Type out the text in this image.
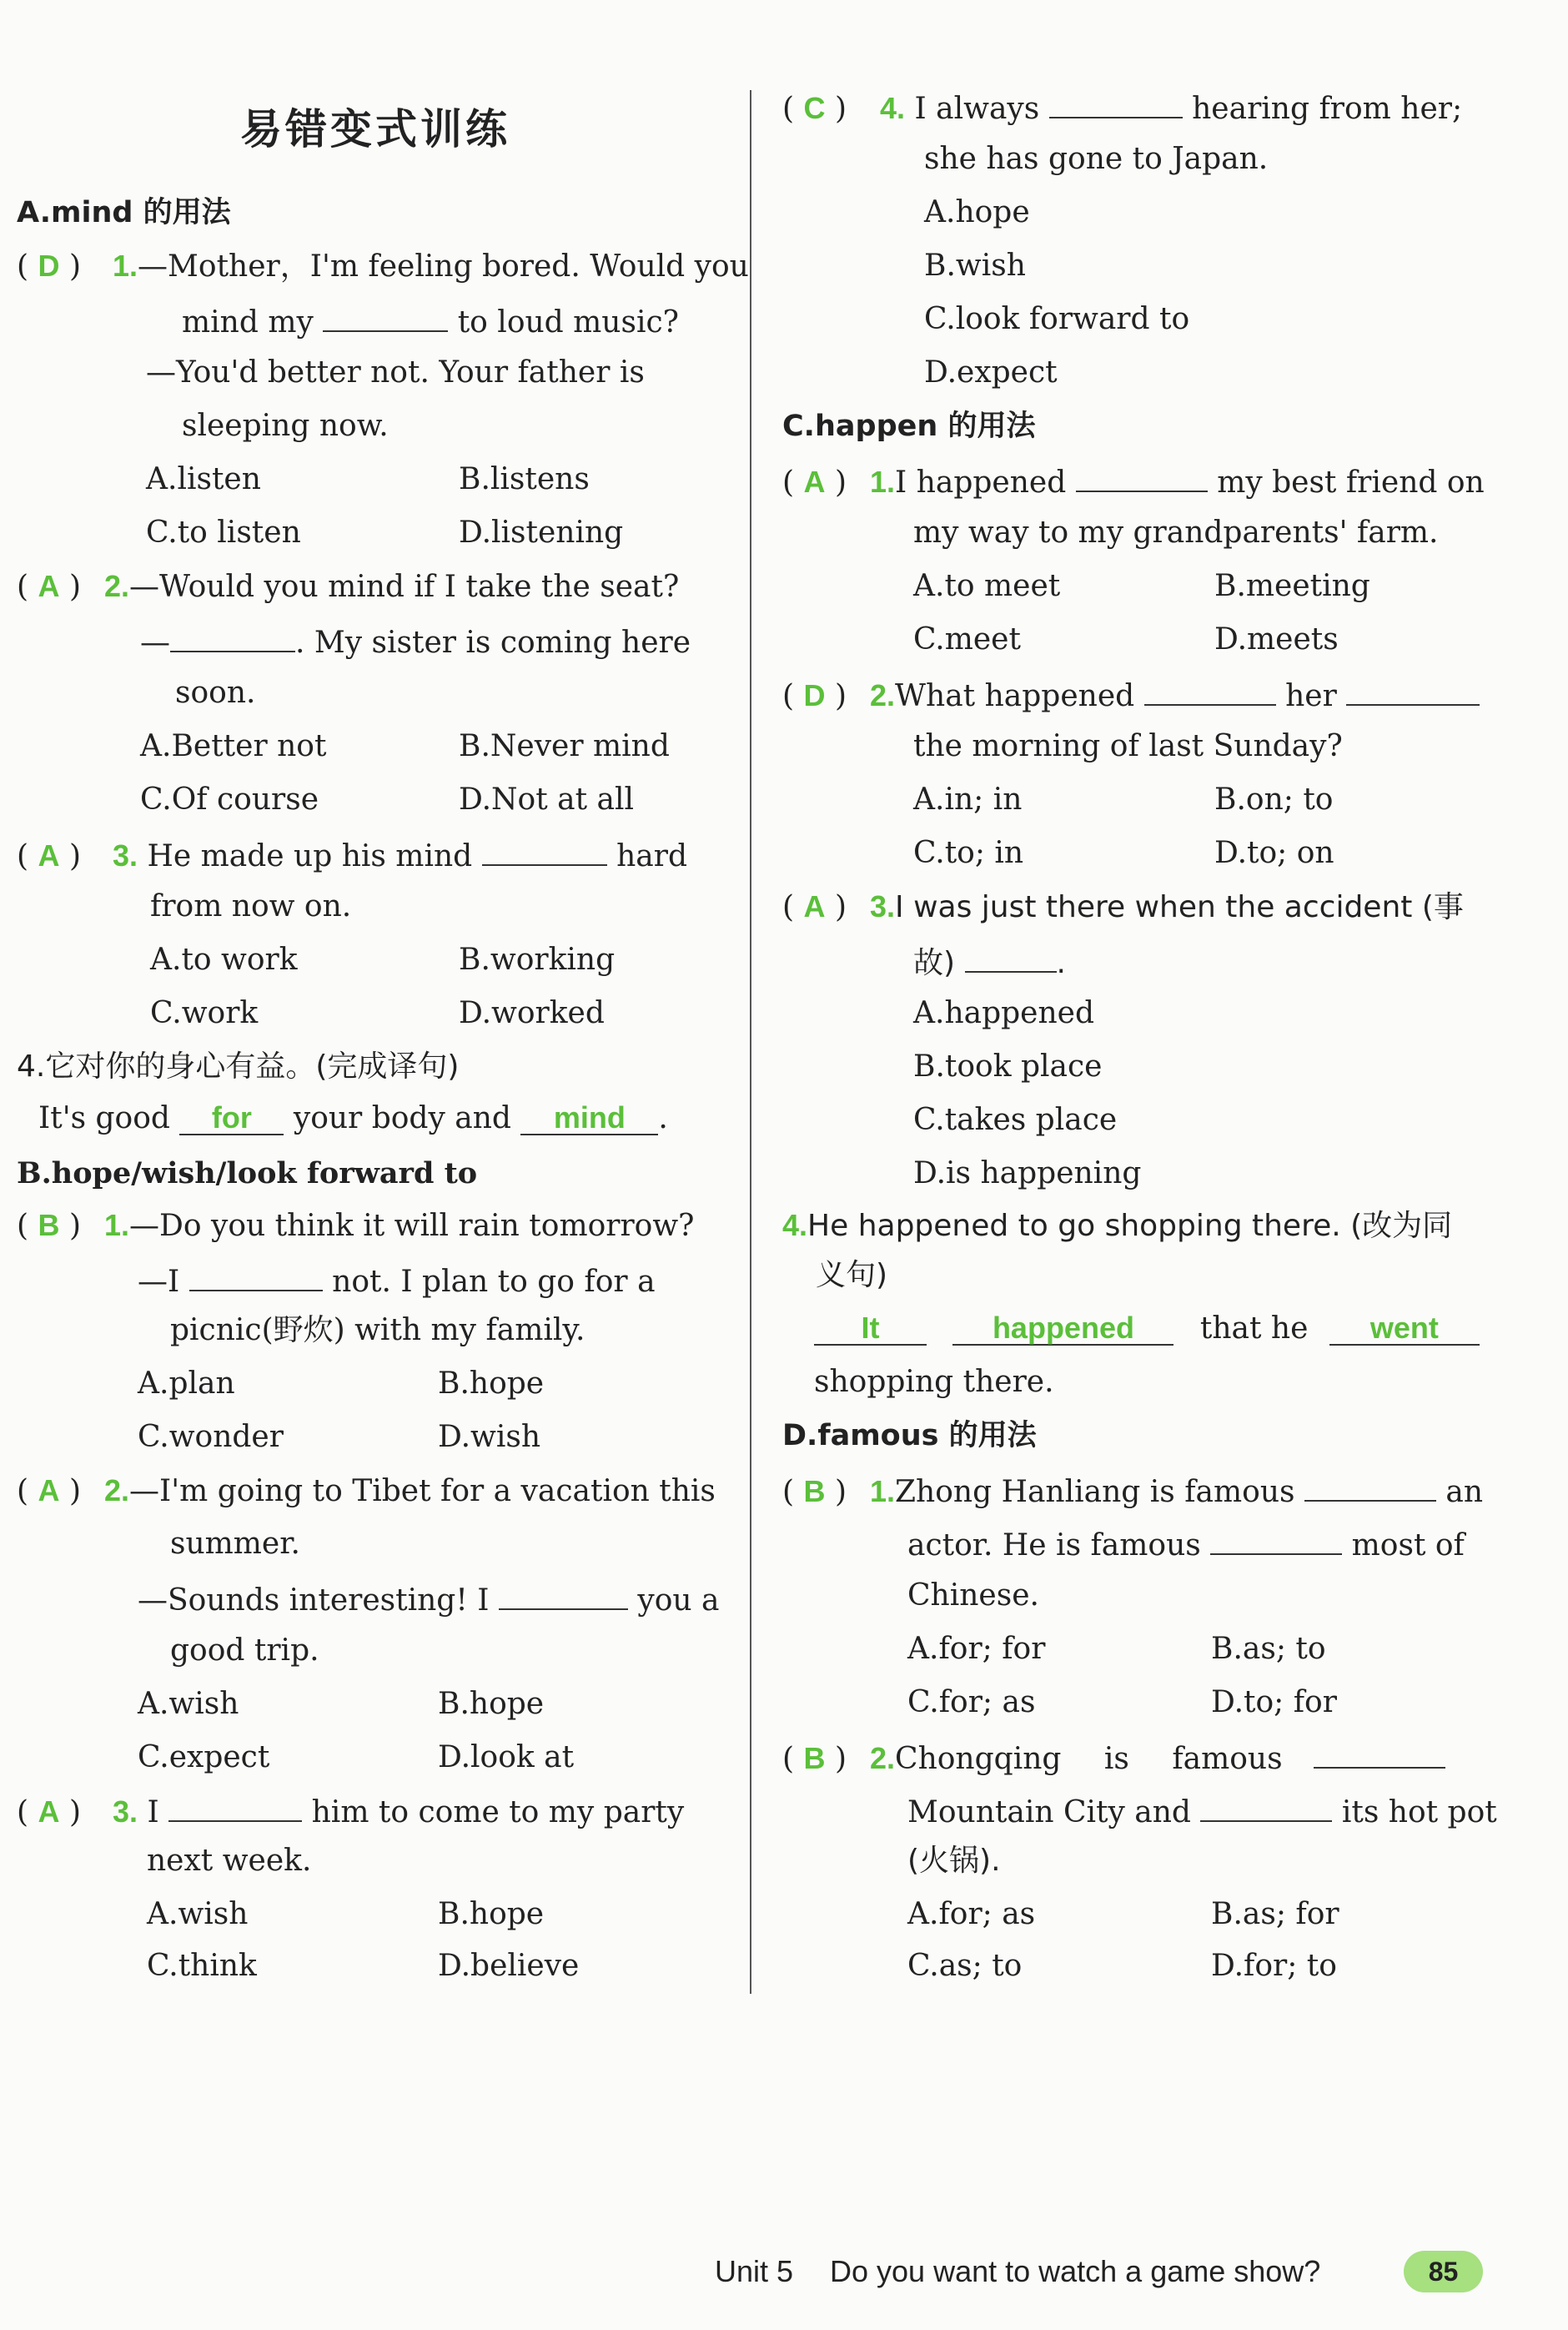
易错变式训练
A.mind 的用法
( D ) 1.—Mother，I'm feeling bored. Would you
mind my	to loud music?
—You'd better not. Your father is
sleeping now.
A.listen	B.listens
C.to listen	D.listening
( A ) 2.—Would you mind if I take the seat?
—	. My sister is coming here
soon.
A.Better not	B.Never mind
C.Of course	D.Not at all
( A ) 3. He made up his mind	hard
from now on.
A.to work	B.working
C.work	D.worked
4.它对你的身心有益。(完成译句)
It's good for your body and mind .
B.hope/wish/look forward to
( B ) 1.—Do you think it will rain tomorrow?
—I	not. I plan to go for a
picnic(野炊) with my family.
A.plan	B.hope
C.wonder	D.wish
( A ) 2.—I'm going to Tibet for a vacation this
summer.
—Sounds interesting! I	you a
good trip.
A.wish	B.hope
C.expect	D.look at
( A ) 3. I	him to come to my party
next week.
A.wish	B.hope
C.think	D.believe
( C ) 4. I always	hearing from her;
she has gone to Japan.
A.hope
B.wish
C.look forward to
D.expect
C.happen 的用法
( A ) 1.I happened	my best friend on
my way to my grandparents' farm.
A.to meet	B.meeting
C.meet	D.meets
( D ) 2.What happened	her
the morning of last Sunday?
A.in; in	B.on; to
C.to; in	D.to; on
( A ) 3.I was just there when the accident (事
故)	.
A.happened
B.took place
C.takes place
D.is happening
4.He happened to go shopping there. (改为同
义句)
It	happened that he went
shopping there.
D.famous 的用法
( B ) 1.Zhong Hanliang is famous	an
actor. He is famous	most of
Chinese.
A.for; for	B.as; to
C.for; as	D.to; for
( B ) 2.Chongqing is famous
Mountain City and	its hot pot
(火锅).
A.for; as	B.as; for
C.as; to	D.for; to
Unit 5 Do you want to watch a game show?	85
